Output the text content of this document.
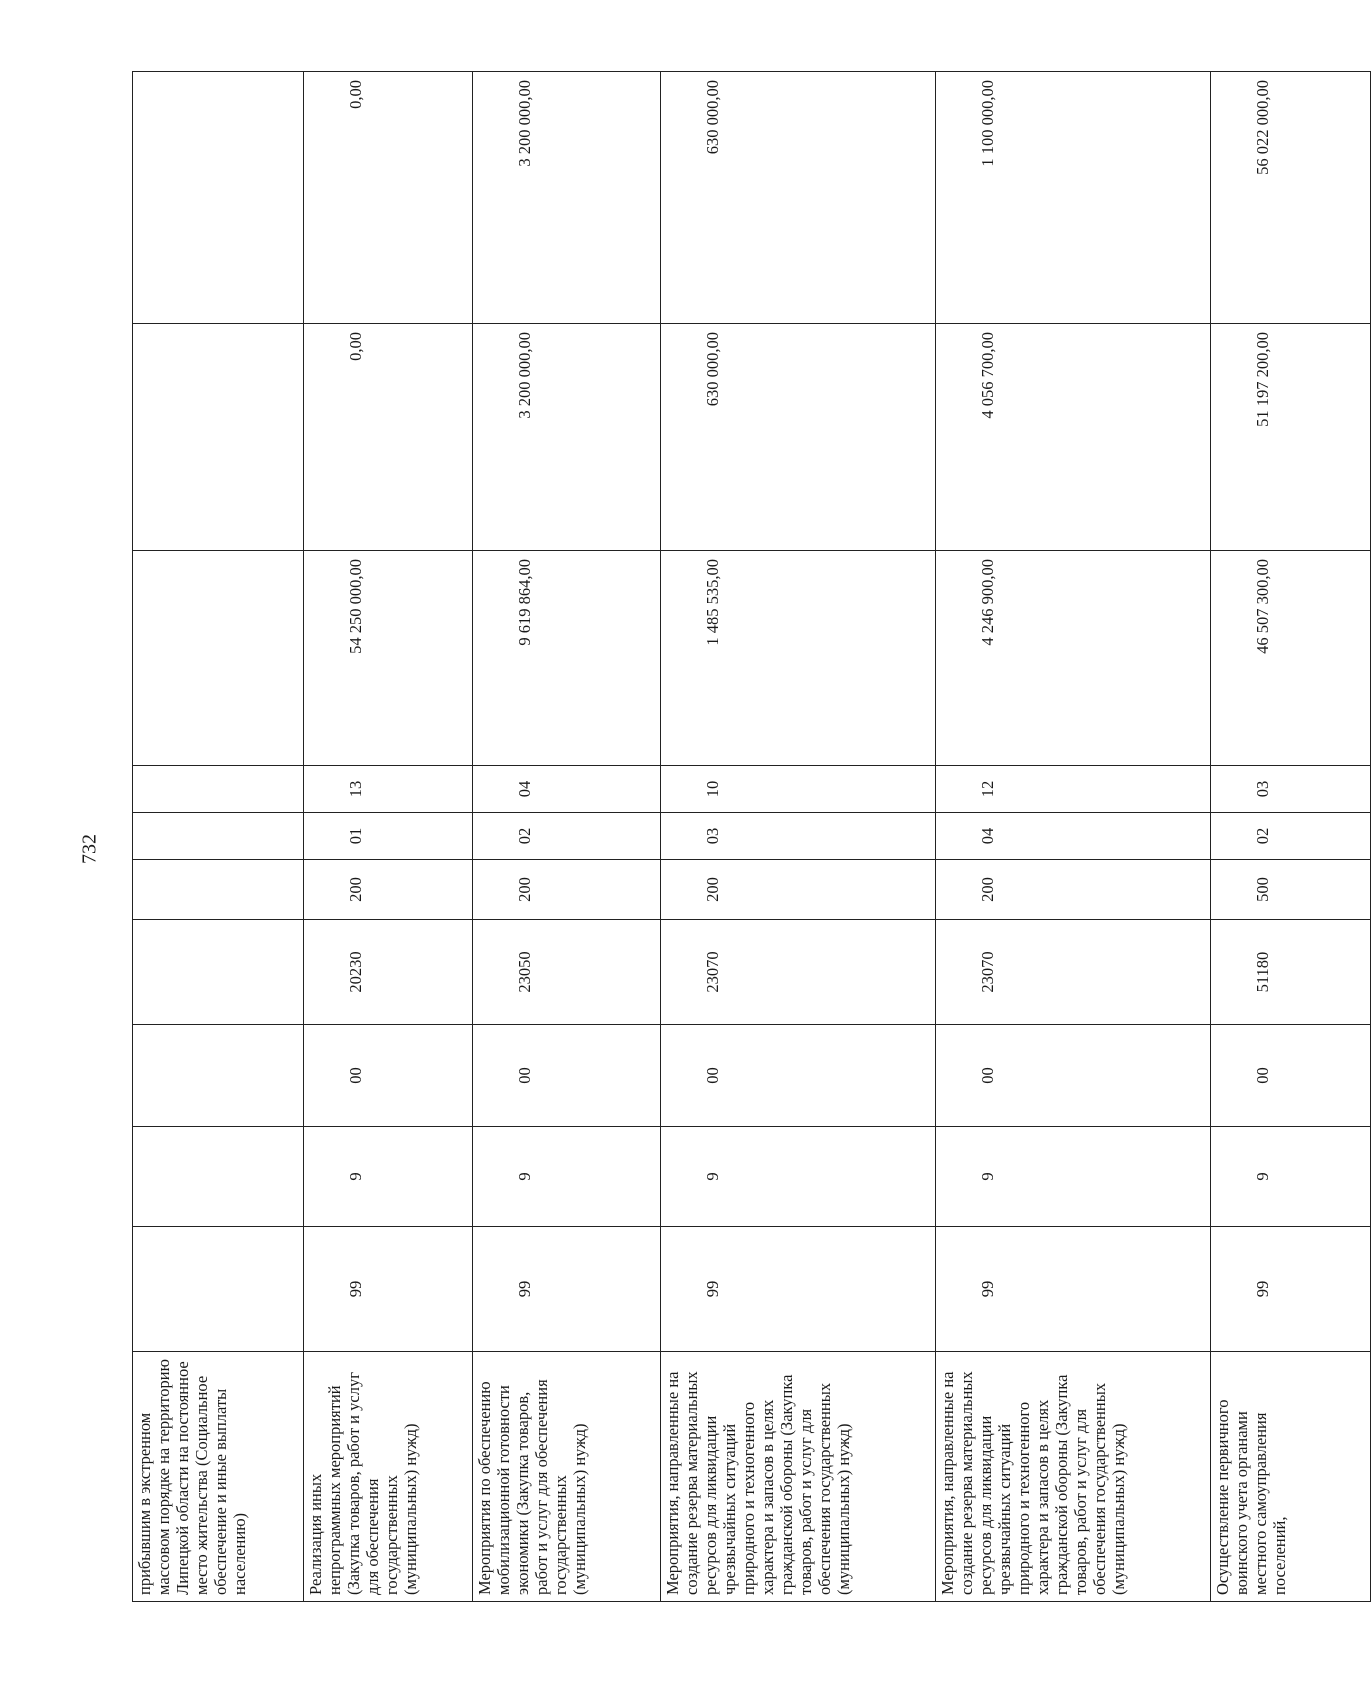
732
прибывшим в экстренном массовом порядке на территорию Липецкой области на постоянное место жительства (Социальное обеспечение и иные выплаты населению)										
Реализация иных непрограммных мероприятий (Закупка товаров, работ и услуг для обеспечения государственных (муниципальных) нужд)	99	9	00	20230	200	01	13	54 250 000,00	0,00	0,00
Мероприятия по обеспечению мобилизационной готовности экономики (Закупка товаров, работ и услуг для обеспечения государственных (муниципальных) нужд)	99	9	00	23050	200	02	04	9 619 864,00	3 200 000,00	3 200 000,00
Мероприятия, направленные на создание резерва материальных ресурсов для ликвидации чрезвычайных ситуаций природного и техногенного характера и запасов в целях гражданской обороны (Закупка товаров, работ и услуг для обеспечения государственных (муниципальных) нужд)	99	9	00	23070	200	03	10	1 485 535,00	630 000,00	630 000,00
Мероприятия, направленные на создание резерва материальных ресурсов для ликвидации чрезвычайных ситуаций природного и техногенного характера и запасов в целях гражданской обороны (Закупка товаров, работ и услуг для обеспечения государственных (муниципальных) нужд)	99	9	00	23070	200	04	12	4 246 900,00	4 056 700,00	1 100 000,00
Осуществление первичного воинского учета органами местного самоуправления поселений,	99	9	00	51180	500	02	03	46 507 300,00	51 197 200,00	56 022 000,00
